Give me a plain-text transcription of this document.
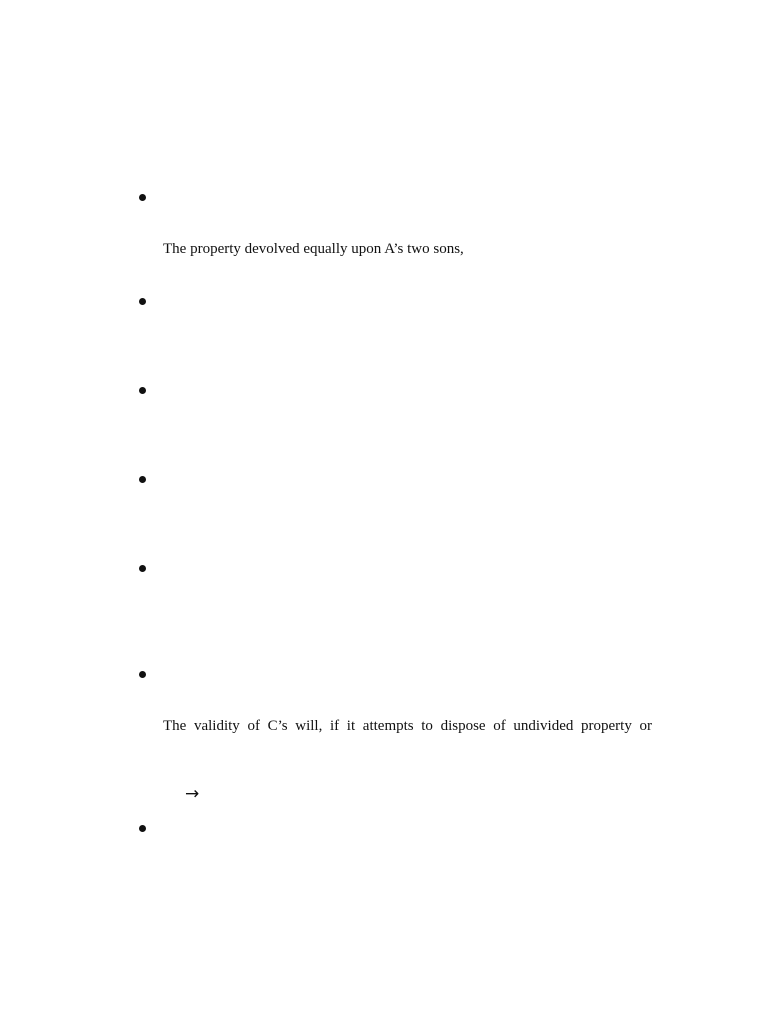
The property devolved equally upon A’s two sons,
The validity of C’s will, if it attempts to dispose of undivided property or
→
